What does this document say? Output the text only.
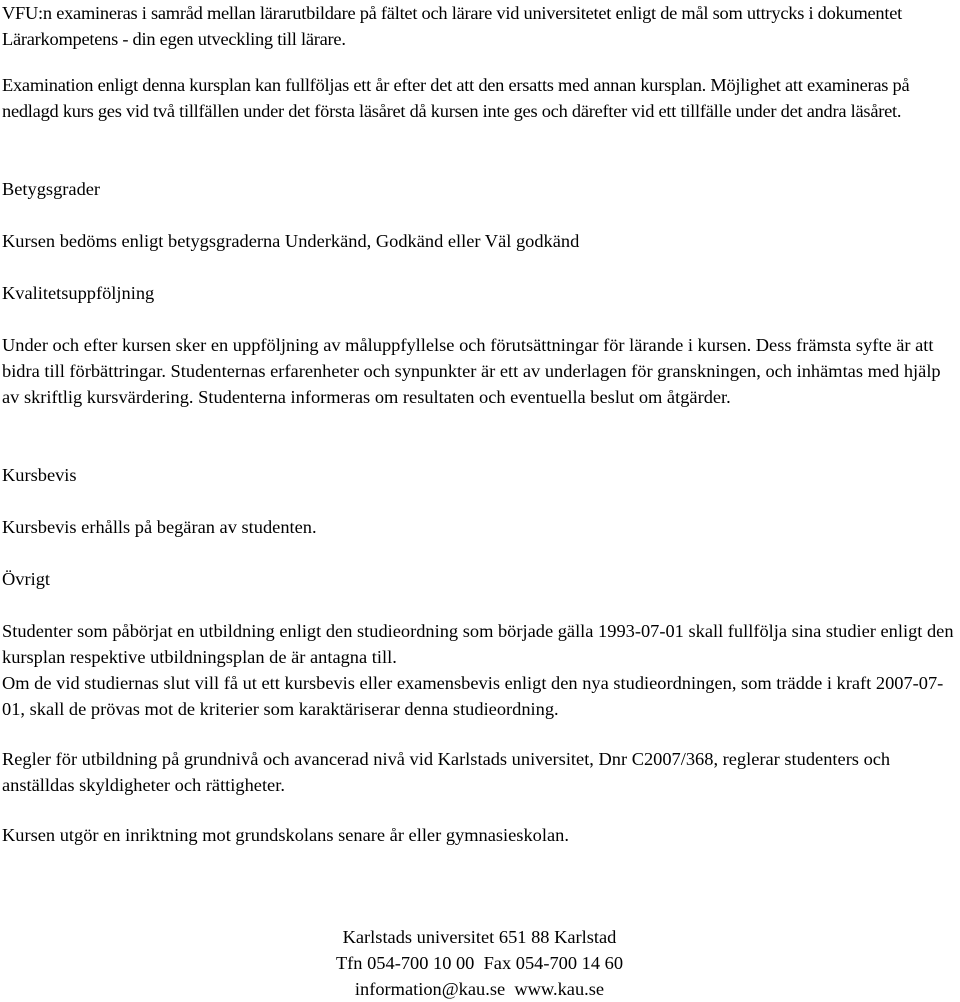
VFU:n examineras i samråd mellan lärarutbildare på fältet och lärare vid universitetet enligt de mål som uttrycks i dokumentet Lärarkompetens - din egen utveckling till lärare.

Examination enligt denna kursplan kan fullföljas ett år efter det att den ersatts med annan kursplan. Möjlighet att examineras på nedlagd kurs ges vid två tillfällen under det första läsåret då kursen inte ges och därefter vid ett tillfälle under det andra läsåret.

Betygsgrader

Kursen bedöms enligt betygsgraderna Underkänd, Godkänd eller Väl godkänd

Kvalitetsuppföljning

Under och efter kursen sker en uppföljning av måluppfyllelse och förutsättningar för lärande i kursen. Dess främsta syfte är att bidra till förbättringar. Studenternas erfarenheter och synpunkter är ett av underlagen för granskningen, och inhämtas med hjälp av skriftlig kursvärdering. Studenterna informeras om resultaten och eventuella beslut om åtgärder.

Kursbevis

Kursbevis erhålls på begäran av studenten.

Övrigt

Studenter som påbörjat en utbildning enligt den studieordning som började gälla 1993-07-01 skall fullfölja sina studier enligt den kursplan respektive utbildningsplan de är antagna till.

Om de vid studiernas slut vill få ut ett kursbevis eller examensbevis enligt den nya studieordningen, som trädde i kraft 2007-07-01, skall de prövas mot de kriterier som karaktäriserar denna studieordning.

Regler för utbildning på grundnivå och avancerad nivå vid Karlstads universitet, Dnr C2007/368, reglerar studenters och anställdas skyldigheter och rättigheter.

Kursen utgör en inriktning mot grundskolans senare år eller gymnasieskolan.

Karlstads universitet 651 88 Karlstad

Tfn 054-700 10 00  Fax 054-700 14 60

information@kau.se  www.kau.se
